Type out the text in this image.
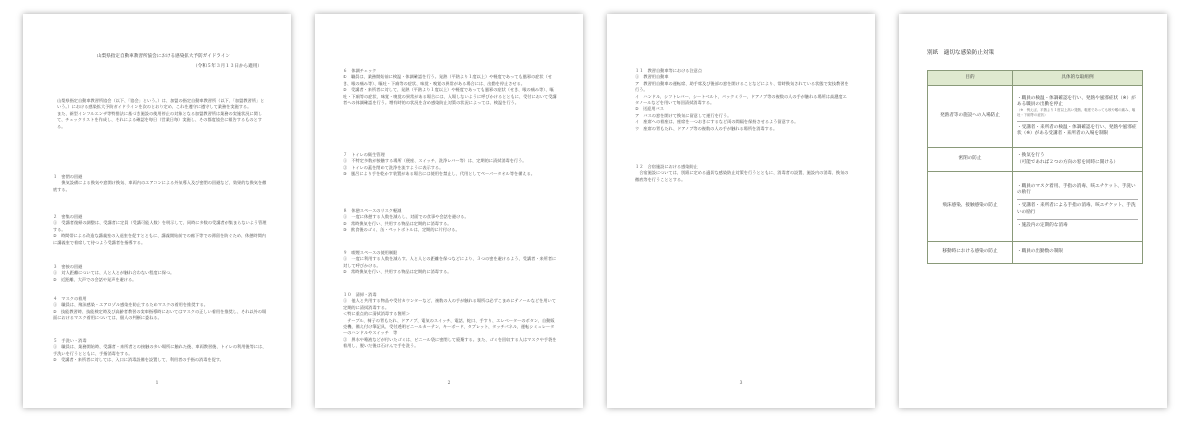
山梨県指定自動車教習所協会における感染拡大予防ガイドライン
（令和５年３月１３日から適用）
山梨県指定自動車教習所協会（以下、「協会」という。）は、加盟の指定自動車教習所（以下、「加盟教習所」という。）における感染拡大予防ガイドラインを次のとおり定め、これを遵守に遵守して業務を実施する。
また、新型インフルエンザ等特措法に基づき施設の使用停止の対象となる加盟教習所は業務の実施状況に関して、チェックリストを作成し、それによる確認を毎日（営業日毎）実施し、その都度協会に報告するものとする。
１　密閉の回避
　　換気設備による換気や窓開け換気、車両内のエアコンによる外気導入及び密閉の回避など、効果的な換気を徹底する。
２　密集の回避
①　受講者復帰の調整は、受講者に定員（受講可能人数）を明示して、同時に多数の受講者が集まらないよう管理する。
②　時間帯による改造な講義室の入退室を促すとともに、講義開始前での廊下等での滞留を防ぐため、休憩時間内に講義室で着席して待つよう受講者を指導する。
３　密接の回避
①　対人距離については、人と人とが触れ合わない程度に保つ。
②　近距離、大声での会話や発声を避ける。
４　マスクの着用
①　職員は、飛沫感染・エアロゾル感染を防止するためマスクの着用を推奨する。
②　技能教習時、技能検定時及び高齢者教習の実車指導時においてはマスクの正しい着用を推奨し、それ以外の場面におけるマスク着用については、個人の判断に委ねる。
５　手洗い・消毒
①　職員は、業務開始時、受講者・来所者との接触の多い場所に触れた後、車両教習後、トイレの利用後等には、手洗いを行うとともに、手指消毒をする。
②　受講者・来所者に対しては、入口に消毒設備を設置して、利用者の手指の消毒を促す。
1
６　体調チェック
①　職員は、業務開始前に検温・体調確認を行う。発熱（平熱より１度以上）や軽度であっても風邪の症状（せき、喉の痛み等）、嘔吐・下痢等の症状、味覚・嗅覚の異常がある場合には、出勤を停止させる。
②　受講者・来所者に対して、発熱（平熱より１度以上）や軽度であっても風邪の症状（せき、喉の痛み等）、嘔吐・下痢等の症状、味覚・嗅覚の異常がある場合には、入場しないように呼びかけるとともに、受付において受講者への体調確認を行う。増有時的の状況を含め感染防止対策の状況によっては、検温を行う。
７　トイレの衛生管理
①　不特定多数が接触する場所（便座、スイッチ、洗浄レバー等）は、定期的に清拭消毒を行う。
②　トイレの蓋を閉めて洗浄を流すように表示する。
③　風呂により手を乾かす装置がある場合には使用を禁止し、代用としてペーパータオル等を備える。
８　休憩スペースのリスク軽減
①　一度に休憩する人数を減らし、対面での食事や会話を避ける。
②　常時換気を行い、共用する物品は定期的に消毒する。
③　飲食後のゴミ、缶・ペットボトルは、定期的に片付ける。
９　喫煙スペースの使用制限
①　一度に利用する人数を減らす。人と人との距離を保つなどにより、３つの密を避けるよう、受講者・来所者に対して呼びかける。
②　常時換気を行い、共用する物品は定期的に消毒する。
１０　清掃・消毒
①　他人と共用する物品や受付カウンターなど、複数の人の手が触れる場所は必ずこまめにテノールなどを用いて定期的に清拭消毒する。
＜特に重点的に清拭消毒する箇所＞
　テーブル、椅子の背もたれ、ドアノブ、電気のスイッチ、電話、蛇口、手すり、エレベーターのボタン、自動販売機、備え付け筆記具、受付透明ビニールカーテン、キーボード、タブレット、タッチパネル、運転シミュレーターのハンドルやスイッチ　等
②　鼻水や唾液などが付いたゴミは、ビニール袋に密閉して廃棄する。また、ゴミを回収する人はマスクや手袋を着用し、脱いだ後は石けんで手を洗う。
2
１１　教習自動車等における注意点
①　教習用自動車
ア　教習用自動車の運転席、助手席及び後部の窓を開けることなどにより、常時換気されている状態で実技教習を行う。
イ　ハンドル、シフトレバー、シートベルト、バックミラー、ドアノブ等の複数の人の手が触れる場所は高濃度エタノールなどを用いて毎回清拭消毒する。
②　送迎用バス
ア　バスの窓を開けて換気に留意して運行を行う。
イ　座席への着座は、座席を一つおきにするなど両の間隔を保持させるよう留意する。
ウ　座席の背もたれ、ドアノブ等の複数の人の手が触れる場所を消毒する。
１２　合宿施設における感染防止
　合宿施設については、別紙に定める適切な感染防止対策を行うとともに、消毒者の設置、施設内の消毒、換気の徹底等を行うこととする。
3
別紙　適切な感染防止対策
目的	具体的な取組例
発熱者等の施設への入場防止	・職員の検温・体調確認を行い、発熱や風邪症状（※）がある職員の出勤を停止
（※　例えば、平熱より１度以上高い発熱、軽度であっても咳や喉の痛み、嘔吐・下痢等の症状）
・受講者・来所者の検温・体調確認を行い、発熱や風邪症状（※）がある受講者・来所者の入場を制限

密閉の防止	・換気を行う
（可能であれば２つの方向の窓を同時に開ける）

飛沫感染、接触感染の防止	・職員のマスク着用、手指の消毒、咳エチケット、手洗いの励行
・受講者・来所者による手指の消毒、咳エチケット、手洗いの励行
・施設内の定期的な消毒

移動時における感染の防止	・職員の出勤数の制限
